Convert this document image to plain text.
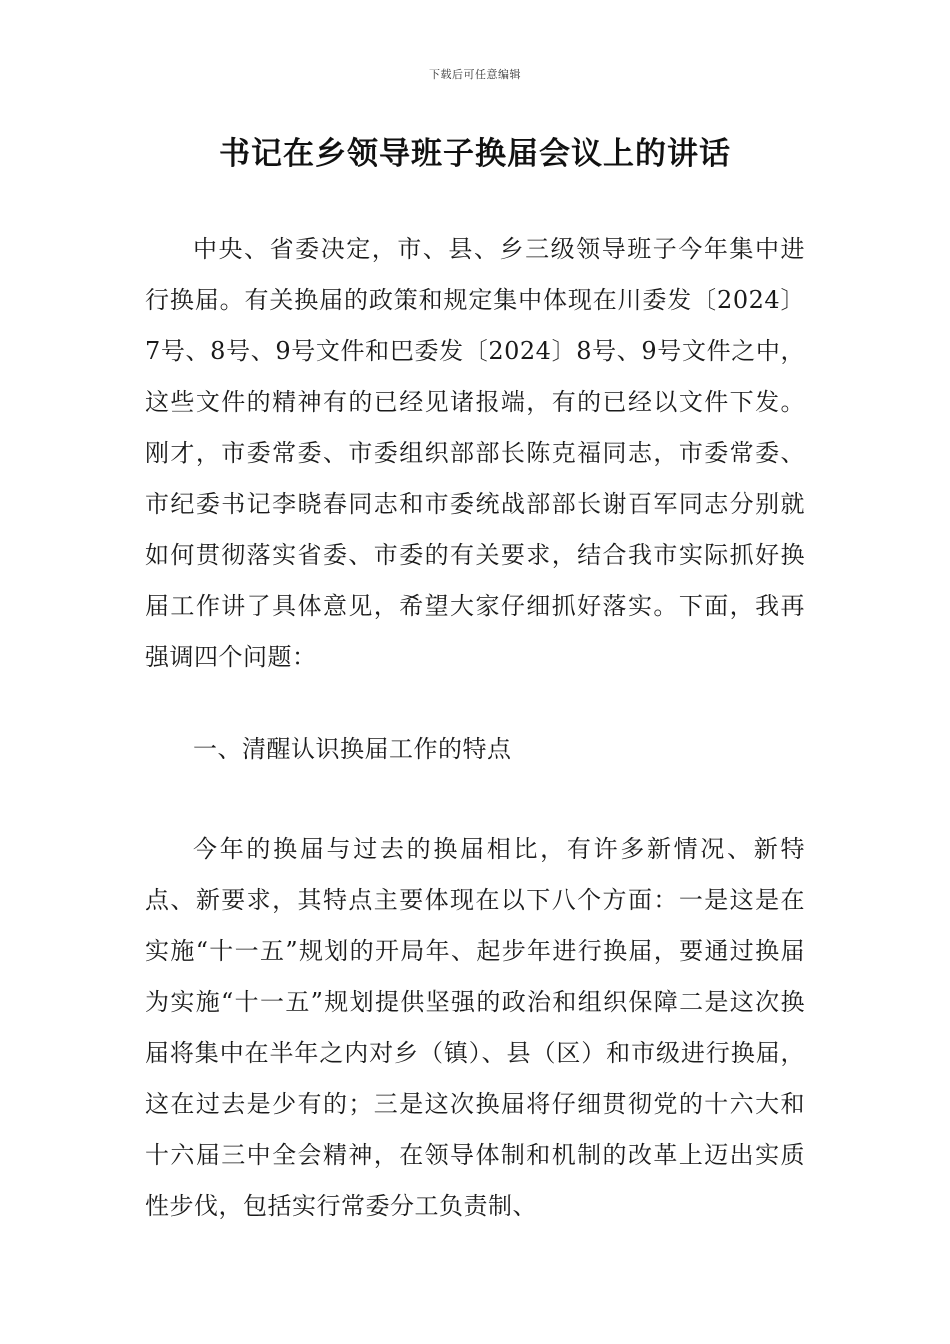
下载后可任意编辑
书记在乡领导班子换届会议上的讲话

中央、省委决定，市、县、乡三级领导班子今年集中进行换届。有关换届的政策和规定集中体现在川委发〔2024〕7号、8号、9号文件和巴委发〔2024〕8号、9号文件之中，这些文件的精神有的已经见诸报端，有的已经以文件下发。刚才，市委常委、市委组织部部长陈克福同志，市委常委、市纪委书记李晓春同志和市委统战部部长谢百军同志分别就如何贯彻落实省委、市委的有关要求，结合我市实际抓好换届工作讲了具体意见，希望大家仔细抓好落实。下面，我再强调四个问题：

一、清醒认识换届工作的特点

今年的换届与过去的换届相比，有许多新情况、新特点、新要求，其特点主要体现在以下八个方面：一是这是在实施“十一五”规划的开局年、起步年进行换届，要通过换届为实施“十一五”规划提供坚强的政治和组织保障二是这次换届将集中在半年之内对乡（镇）、县（区）和市级进行换届，这在过去是少有的；三是这次换届将仔细贯彻党的十六大和十六届三中全会精神，在领导体制和机制的改革上迈出实质性步伐，包括实行常委分工负责制、
